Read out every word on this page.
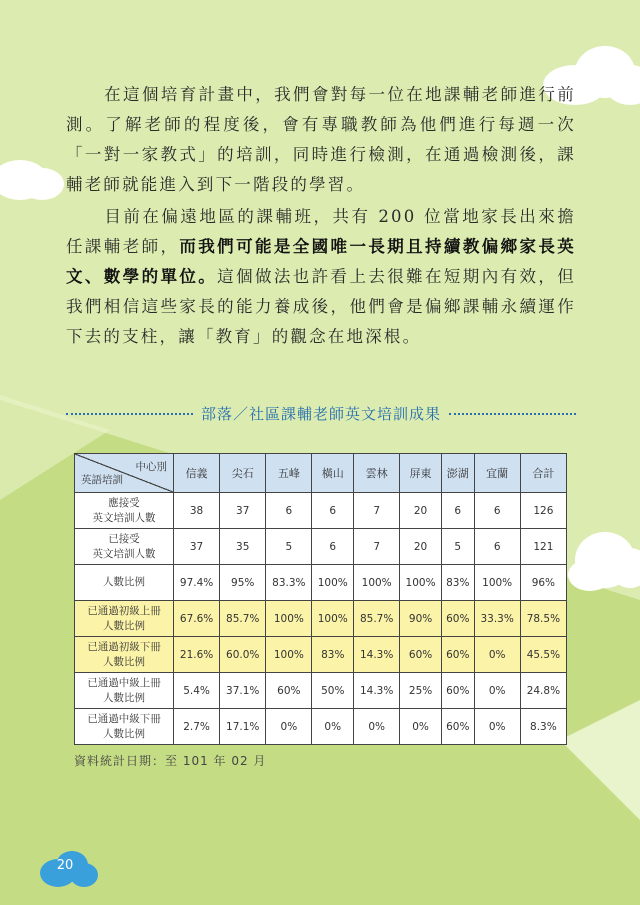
在這個培育計畫中，我們會對每一位在地課輔老師進行前測。了解老師的程度後，會有專職教師為他們進行每週一次「一對一家教式」的培訓，同時進行檢測，在通過檢測後，課輔老師就能進入到下一階段的學習。

目前在偏遠地區的課輔班，共有 200 位當地家長出來擔任課輔老師，而我們可能是全國唯一長期且持續教偏鄉家長英文、數學的單位。這個做法也許看上去很難在短期內有效，但我們相信這些家長的能力養成後，他們會是偏鄉課輔永續運作下去的支柱，讓「教育」的觀念在地深根。

部落／社區課輔老師英文培訓成果
中心別
英語培訓	信義	尖石	五峰	橫山	雲林	屏東	澎湖	宜蘭	合計
應接受
英文培訓人數	38	37	6	6	7	20	6	6	126
已接受
英文培訓人數	37	35	5	6	7	20	5	6	121
人數比例	97.4%	95%	83.3%	100%	100%	100%	83%	100%	96%
已通過初級上冊
人數比例	67.6%	85.7%	100%	100%	85.7%	90%	60%	33.3%	78.5%
已通過初級下冊
人數比例	21.6%	60.0%	100%	83%	14.3%	60%	60%	0%	45.5%
已通過中級上冊
人數比例	5.4%	37.1%	60%	50%	14.3%	25%	60%	0%	24.8%
已通過中級下冊
人數比例	2.7%	17.1%	0%	0%	0%	0%	60%	0%	8.3%
資料統計日期：至 101 年 02 月
20
